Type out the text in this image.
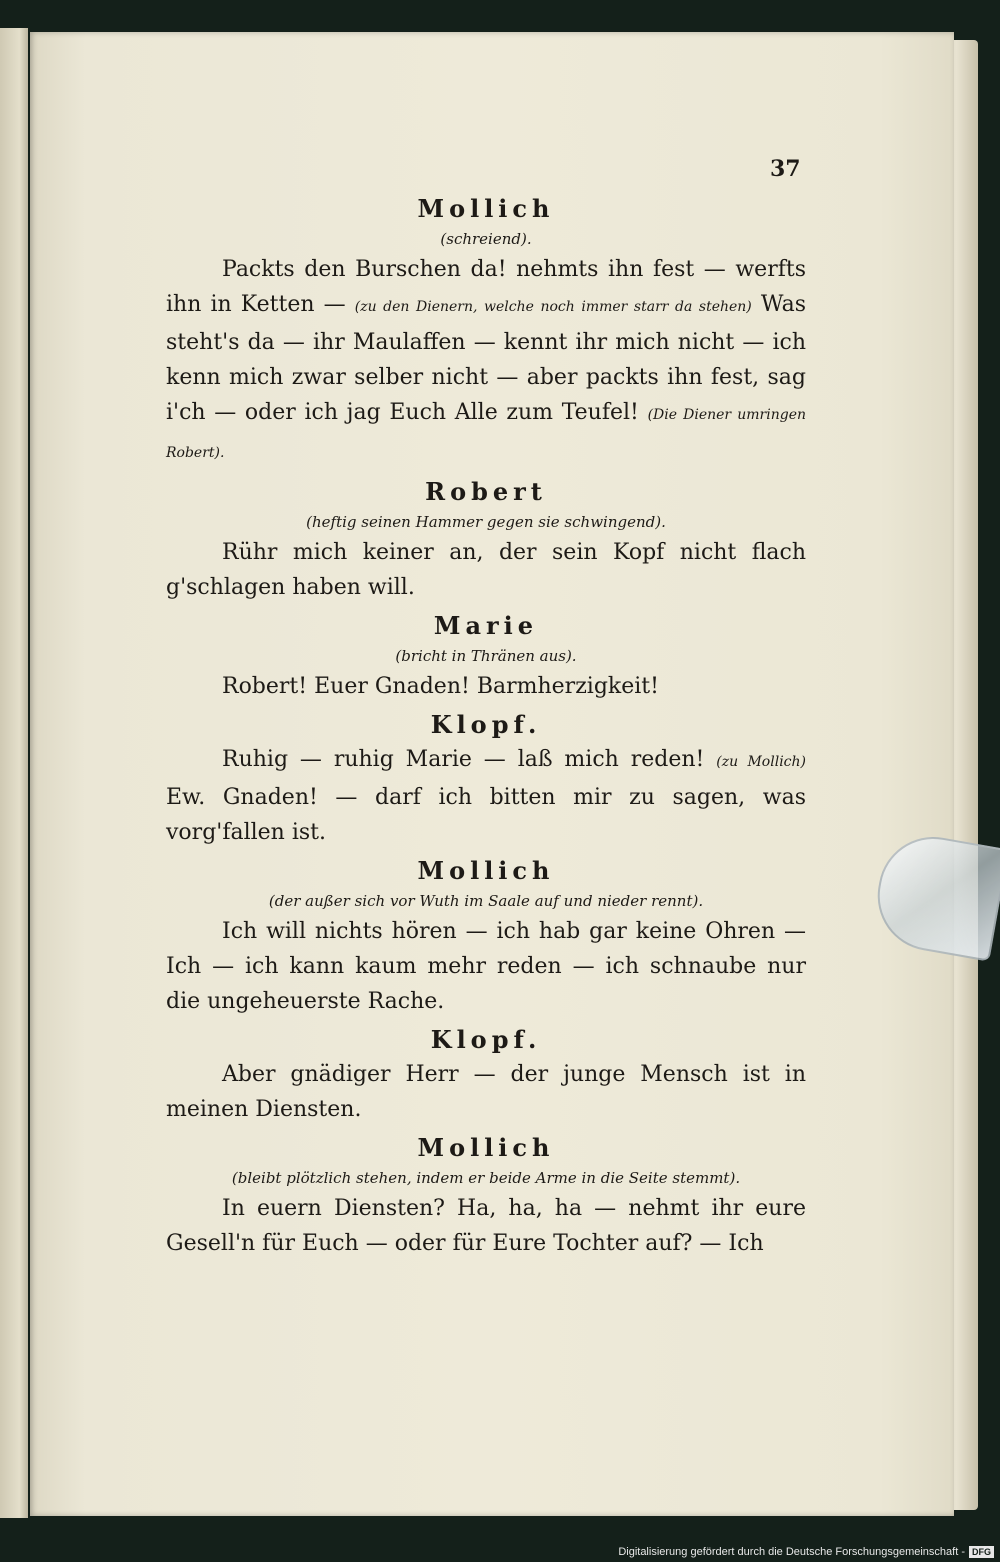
37

Mollich

(schreiend).

Packts den Burschen da! nehmts ihn fest — werfts ihn in Ketten — (zu den Dienern, welche noch immer starr da stehen) Was steht's da — ihr Maulaffen — kennt ihr mich nicht — ich kenn mich zwar selber nicht — aber packts ihn fest, sag i'ch — oder ich jag Euch Alle zum Teufel! (Die Diener umringen Robert).

Robert

(heftig seinen Hammer gegen sie schwingend).

Rühr mich keiner an, der sein Kopf nicht flach g'schlagen haben will.

Marie

(bricht in Thränen aus).

Robert! Euer Gnaden! Barmherzigkeit!

Klopf.

Ruhig — ruhig Marie — laß mich reden! (zu Mollich) Ew. Gnaden! — darf ich bitten mir zu sagen, was vorg'fallen ist.

Mollich

(der außer sich vor Wuth im Saale auf und nieder rennt).

Ich will nichts hören — ich hab gar keine Ohren — Ich — ich kann kaum mehr reden — ich schnaube nur die ungeheuerste Rache.

Klopf.

Aber gnädiger Herr — der junge Mensch ist in meinen Diensten.

Mollich

(bleibt plötzlich stehen, indem er beide Arme in die Seite stemmt).

In euern Diensten? Ha, ha, ha — nehmt ihr eure Gesell'n für Euch — oder für Eure Tochter auf? — Ich

Digitalisierung gefördert durch die Deutsche Forschungsgemeinschaft - DFG
